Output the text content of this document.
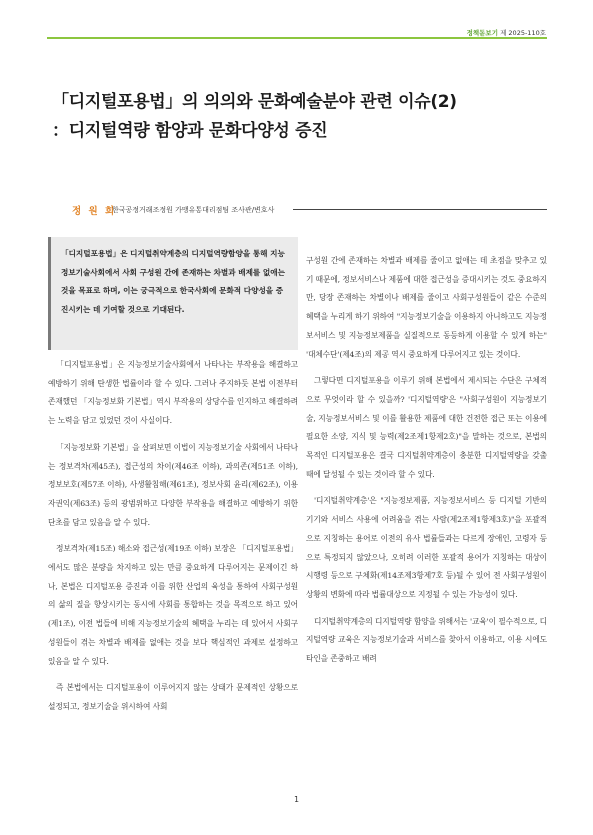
정책돋보기 제 2025-110호
「디지털포용법」의 의의와 문화예술분야 관련 이슈(2)
：디지털역량 함양과 문화다양성 증진
정 원 희
한국공정거래조정원 가맹유통대리점팀 조사관/변호사
「디지털포용법」은 디지털취약계층의 디지털역량함양을 통해 지능정보기술사회에서 사회 구성원 간에 존재하는 차별과 배제를 없애는 것을 목표로 하며, 이는 궁극적으로 한국사회에 문화적 다양성을 증진시키는 데 기여할 것으로 기대된다.

「디지털포용법」은 지능정보기술사회에서 나타나는 부작용을 해결하고 예방하기 위해 탄생한 법률이라 할 수 있다. 그러나 주지하듯 본법 이전부터 존재했던 「지능정보화 기본법」역시 부작용의 상당수를 인지하고 해결하려는 노력을 담고 있었던 것이 사실이다.

「지능정보화 기본법」을 살펴보면 이법이 지능정보기술 사회에서 나타나는 정보격차(제45조), 접근성의 차이(제46조 이하), 과의존(제51조 이하), 정보보호(제57조 이하), 사생활침해(제61조), 정보사회 윤리(제62조), 이용자권익(제63조) 등의 광범위하고 다양한 부작용을 해결하고 예방하기 위한 단초를 담고 있음을 알 수 있다.

정보격차(제15조) 해소와 접근성(제19조 이하) 보장은 「디지털포용법」에서도 많은 분량을 차지하고 있는 만큼 중요하게 다루어지는 문제이긴 하나, 본법은 디지털포용 증진과 이를 위한 산업의 육성을 통하여 사회구성원의 삶의 질을 향상시키는 동시에 사회를 통합하는 것을 목적으로 하고 있어(제1조), 이전 법들에 비해 지능정보기술의 혜택을 누리는 데 있어서 사회구성원들이 겪는 차별과 배제를 없애는 것을 보다 핵심적인 과제로 설정하고 있음을 알 수 있다.

즉 본법에서는 디지털포용이 이루어지지 않는 상태가 문제적인 상황으로 설정되고, 정보기술을 위시하여 사회

구성원 간에 존재하는 차별과 배제를 줄이고 없애는 데 초점을 맞추고 있기 때문에, 정보서비스나 제품에 대한 접근성을 증대시키는 것도 중요하지만, 당장 존재하는 차별이나 배제를 줄이고 사회구성원들이 같은 수준의 혜택을 누리게 하기 위하여 "지능정보기술을 이용하지 아니하고도 지능정보서비스 및 지능정보제품을 실질적으로 동등하게 이용할 수 있게 하는" '대체수단'(제4조)의 제공 역시 중요하게 다루어지고 있는 것이다.

그렇다면 디지털포용을 이루기 위해 본법에서 제시되는 수단은 구체적으로 무엇이라 할 수 있을까? '디지털역량'은 "사회구성원이 지능정보기술, 지능정보서비스 및 이를 활용한 제품에 대한 건전한 접근 또는 이용에 필요한 소양, 지식 및 능력(제2조제1항제2호)"을 말하는 것으로, 본법의 목적인 디지털포용은 결국 디지털취약계층이 충분한 디지털역량을 갖출 때에 달성될 수 있는 것이라 할 수 있다.

'디지털취약계층'은 "지능정보제품, 지능정보서비스 등 디지털 기반의 기기와 서비스 사용에 어려움을 겪는 사람(제2조제1항제3호)"을 포괄적으로 지칭하는 용어로 이전의 유사 법률들과는 다르게 장애인, 고령자 등으로 특정되지 않았으나, 오히려 이러한 포괄적 용어가 지칭하는 대상이 시행령 등으로 구체화(제14조제3항제7호 등)될 수 있어 전 사회구성원이 상황의 변화에 따라 법률대상으로 지정될 수 있는 가능성이 있다.

디지털취약계층의 디지털역량 함양을 위해서는 '교육'이 필수적으로, 디지털역량 교육은 지능정보기술과 서비스를 찾아서 이용하고, 이용 시에도 타인을 존중하고 배려

1
